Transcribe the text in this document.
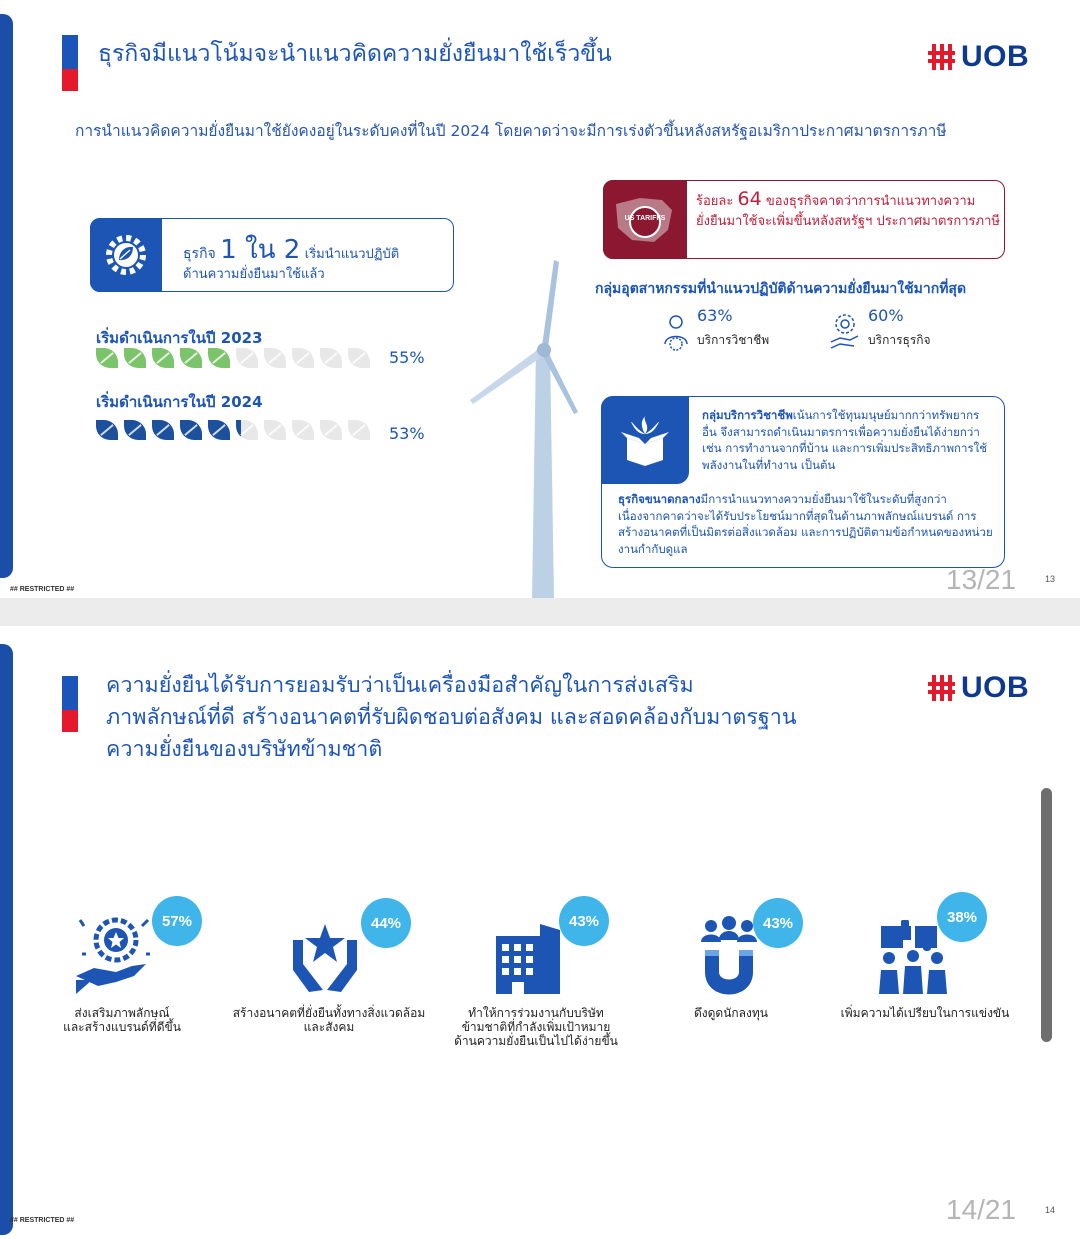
ธุรกิจมีแนวโน้มจะนำแนวคิดความยั่งยืนมาใช้เร็วขึ้น	UOB
การนำแนวคิดความยั่งยืนมาใช้ยังคงอยู่ในระดับคงที่ในปี 2024 โดยคาดว่าจะมีการเร่งตัวขึ้นหลังสหรัฐอเมริกาประกาศมาตรการภาษี
ธุรกิจ 1 ใน 2 เริ่มนำแนวปฏิบัติ
ด้านความยั่งยืนมาใช้แล้ว
เริ่มดำเนินการในปี 2023
55%
เริ่มดำเนินการในปี 2024
53%
US TARIFFS
ร้อยละ 64 ของธุรกิจคาดว่าการนำแนวทางความยั่งยืนมาใช้จะเพิ่มขึ้นหลังสหรัฐฯ ประกาศมาตรการภาษี
กลุ่มอุตสาหกรรมที่นำแนวปฏิบัติด้านความยั่งยืนมาใช้มากที่สุด
63%
บริการวิชาชีพ
60%
บริการธุรกิจ

กลุ่มบริการวิชาชีพเน้นการใช้ทุนมนุษย์มากกว่าทรัพยากรอื่น จึงสามารถดำเนินมาตรการเพื่อความยั่งยืนได้ง่ายกว่า เช่น การทำงานจากที่บ้าน และการเพิ่มประสิทธิภาพการใช้พลังงานในที่ทำงาน เป็นต้น

ธุรกิจขนาดกลางมีการนำแนวทางความยั่งยืนมาใช้ในระดับที่สูงกว่า เนื่องจากคาดว่าจะได้รับประโยชน์มากที่สุดในด้านภาพลักษณ์แบรนด์ การสร้างอนาคตที่เป็นมิตรต่อสิ่งแวดล้อม และการปฏิบัติตามข้อกำหนดของหน่วยงานกำกับดูแล

## RESTRICTED ##	13/21	13
ความยั่งยืนได้รับการยอมรับว่าเป็นเครื่องมือสำคัญในการส่งเสริม
ภาพลักษณ์ที่ดี สร้างอนาคตที่รับผิดชอบต่อสังคม และสอดคล้องกับมาตรฐาน
ความยั่งยืนของบริษัทข้ามชาติ
UOB
57%
ส่งเสริมภาพลักษณ์
และสร้างแบรนด์ที่ดีขึ้น
44%
สร้างอนาคตที่ยั่งยืนทั้งทางสิ่งแวดล้อม
และสังคม
43%
ทำให้การร่วมงานกับบริษัท
ข้ามชาติที่กำลังเพิ่มเป้าหมาย
ด้านความยั่งยืนเป็นไปได้ง่ายขึ้น
43%
ดึงดูดนักลงทุน
38%
เพิ่มความได้เปรียบในการแข่งขัน
## RESTRICTED ##	14/21	14
